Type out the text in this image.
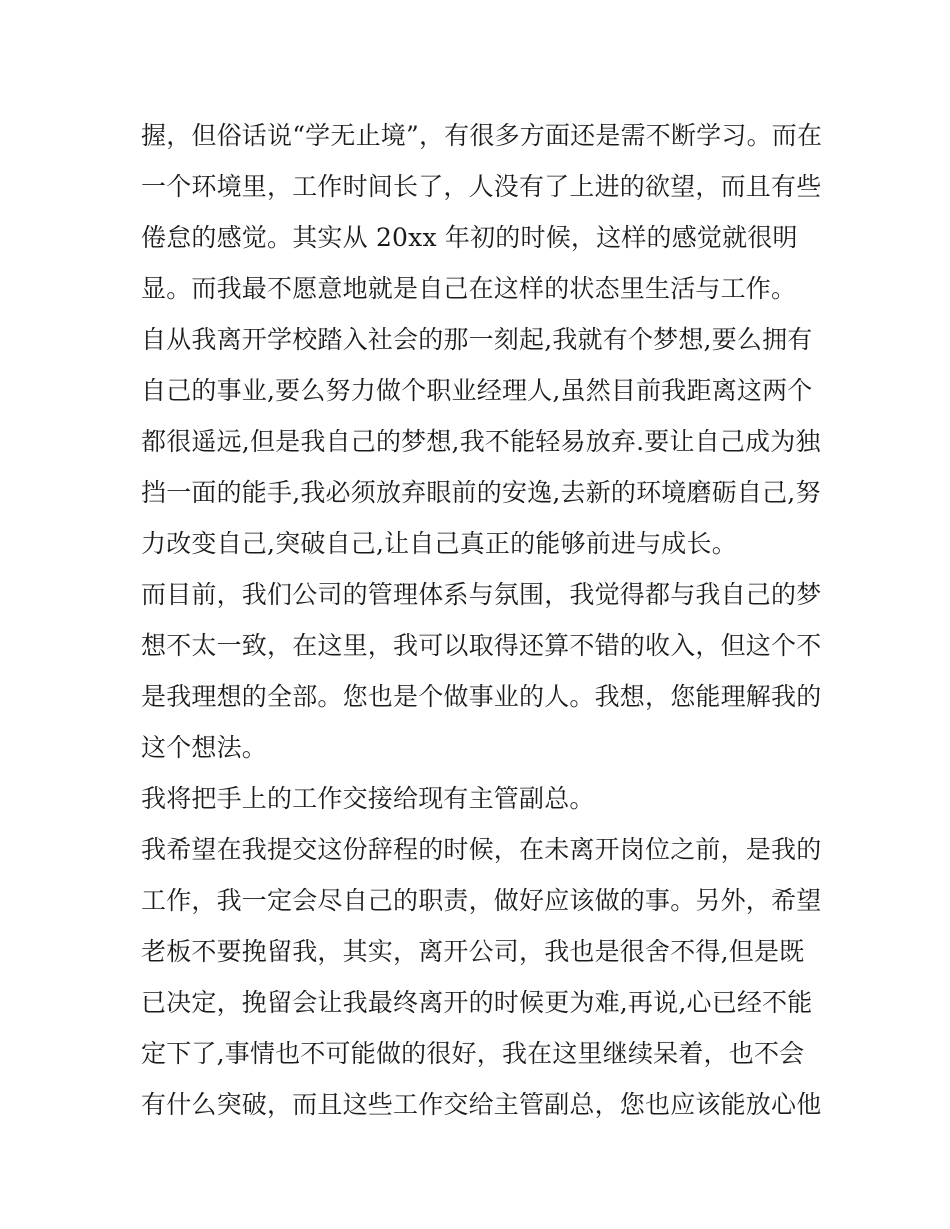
握，但俗话说“学无止境”，有很多方面还是需不断学习。而在
一个环境里，工作时间长了，人没有了上进的欲望，而且有些
倦怠的感觉。其实从 20xx 年初的时候，这样的感觉就很明
显。而我最不愿意地就是自己在这样的状态里生活与工作。
自从我离开学校踏入社会的那一刻起,我就有个梦想,要么拥有
自己的事业,要么努力做个职业经理人,虽然目前我距离这两个
都很遥远,但是我自己的梦想,我不能轻易放弃.要让自己成为独
挡一面的能手,我必须放弃眼前的安逸,去新的环境磨砺自己,努
力改变自己,突破自己,让自己真正的能够前进与成长。
而目前，我们公司的管理体系与氛围，我觉得都与我自己的梦
想不太一致，在这里，我可以取得还算不错的收入，但这个不
是我理想的全部。您也是个做事业的人。我想，您能理解我的
这个想法。
我将把手上的工作交接给现有主管副总。
我希望在我提交这份辞程的时候，在未离开岗位之前，是我的
工作，我一定会尽自己的职责，做好应该做的事。另外，希望
老板不要挽留我，其实，离开公司，我也是很舍不得,但是既
已决定，挽留会让我最终离开的时候更为难,再说,心已经不能
定下了,事情也不可能做的很好，我在这里继续呆着，也不会
有什么突破，而且这些工作交给主管副总，您也应该能放心他
